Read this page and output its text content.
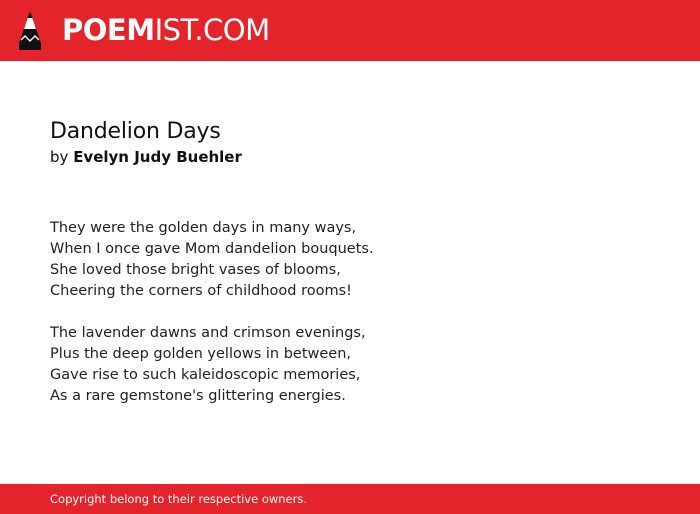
POEMIST.COM
Dandelion Days
by Evelyn Judy Buehler
They were the golden days in many ways,
When I once gave Mom dandelion bouquets.
She loved those bright vases of blooms,
Cheering the corners of childhood rooms!
The lavender dawns and crimson evenings,
Plus the deep golden yellows in between,
Gave rise to such kaleidoscopic memories,
As a rare gemstone's glittering energies.
Copyright belong to their respective owners.
